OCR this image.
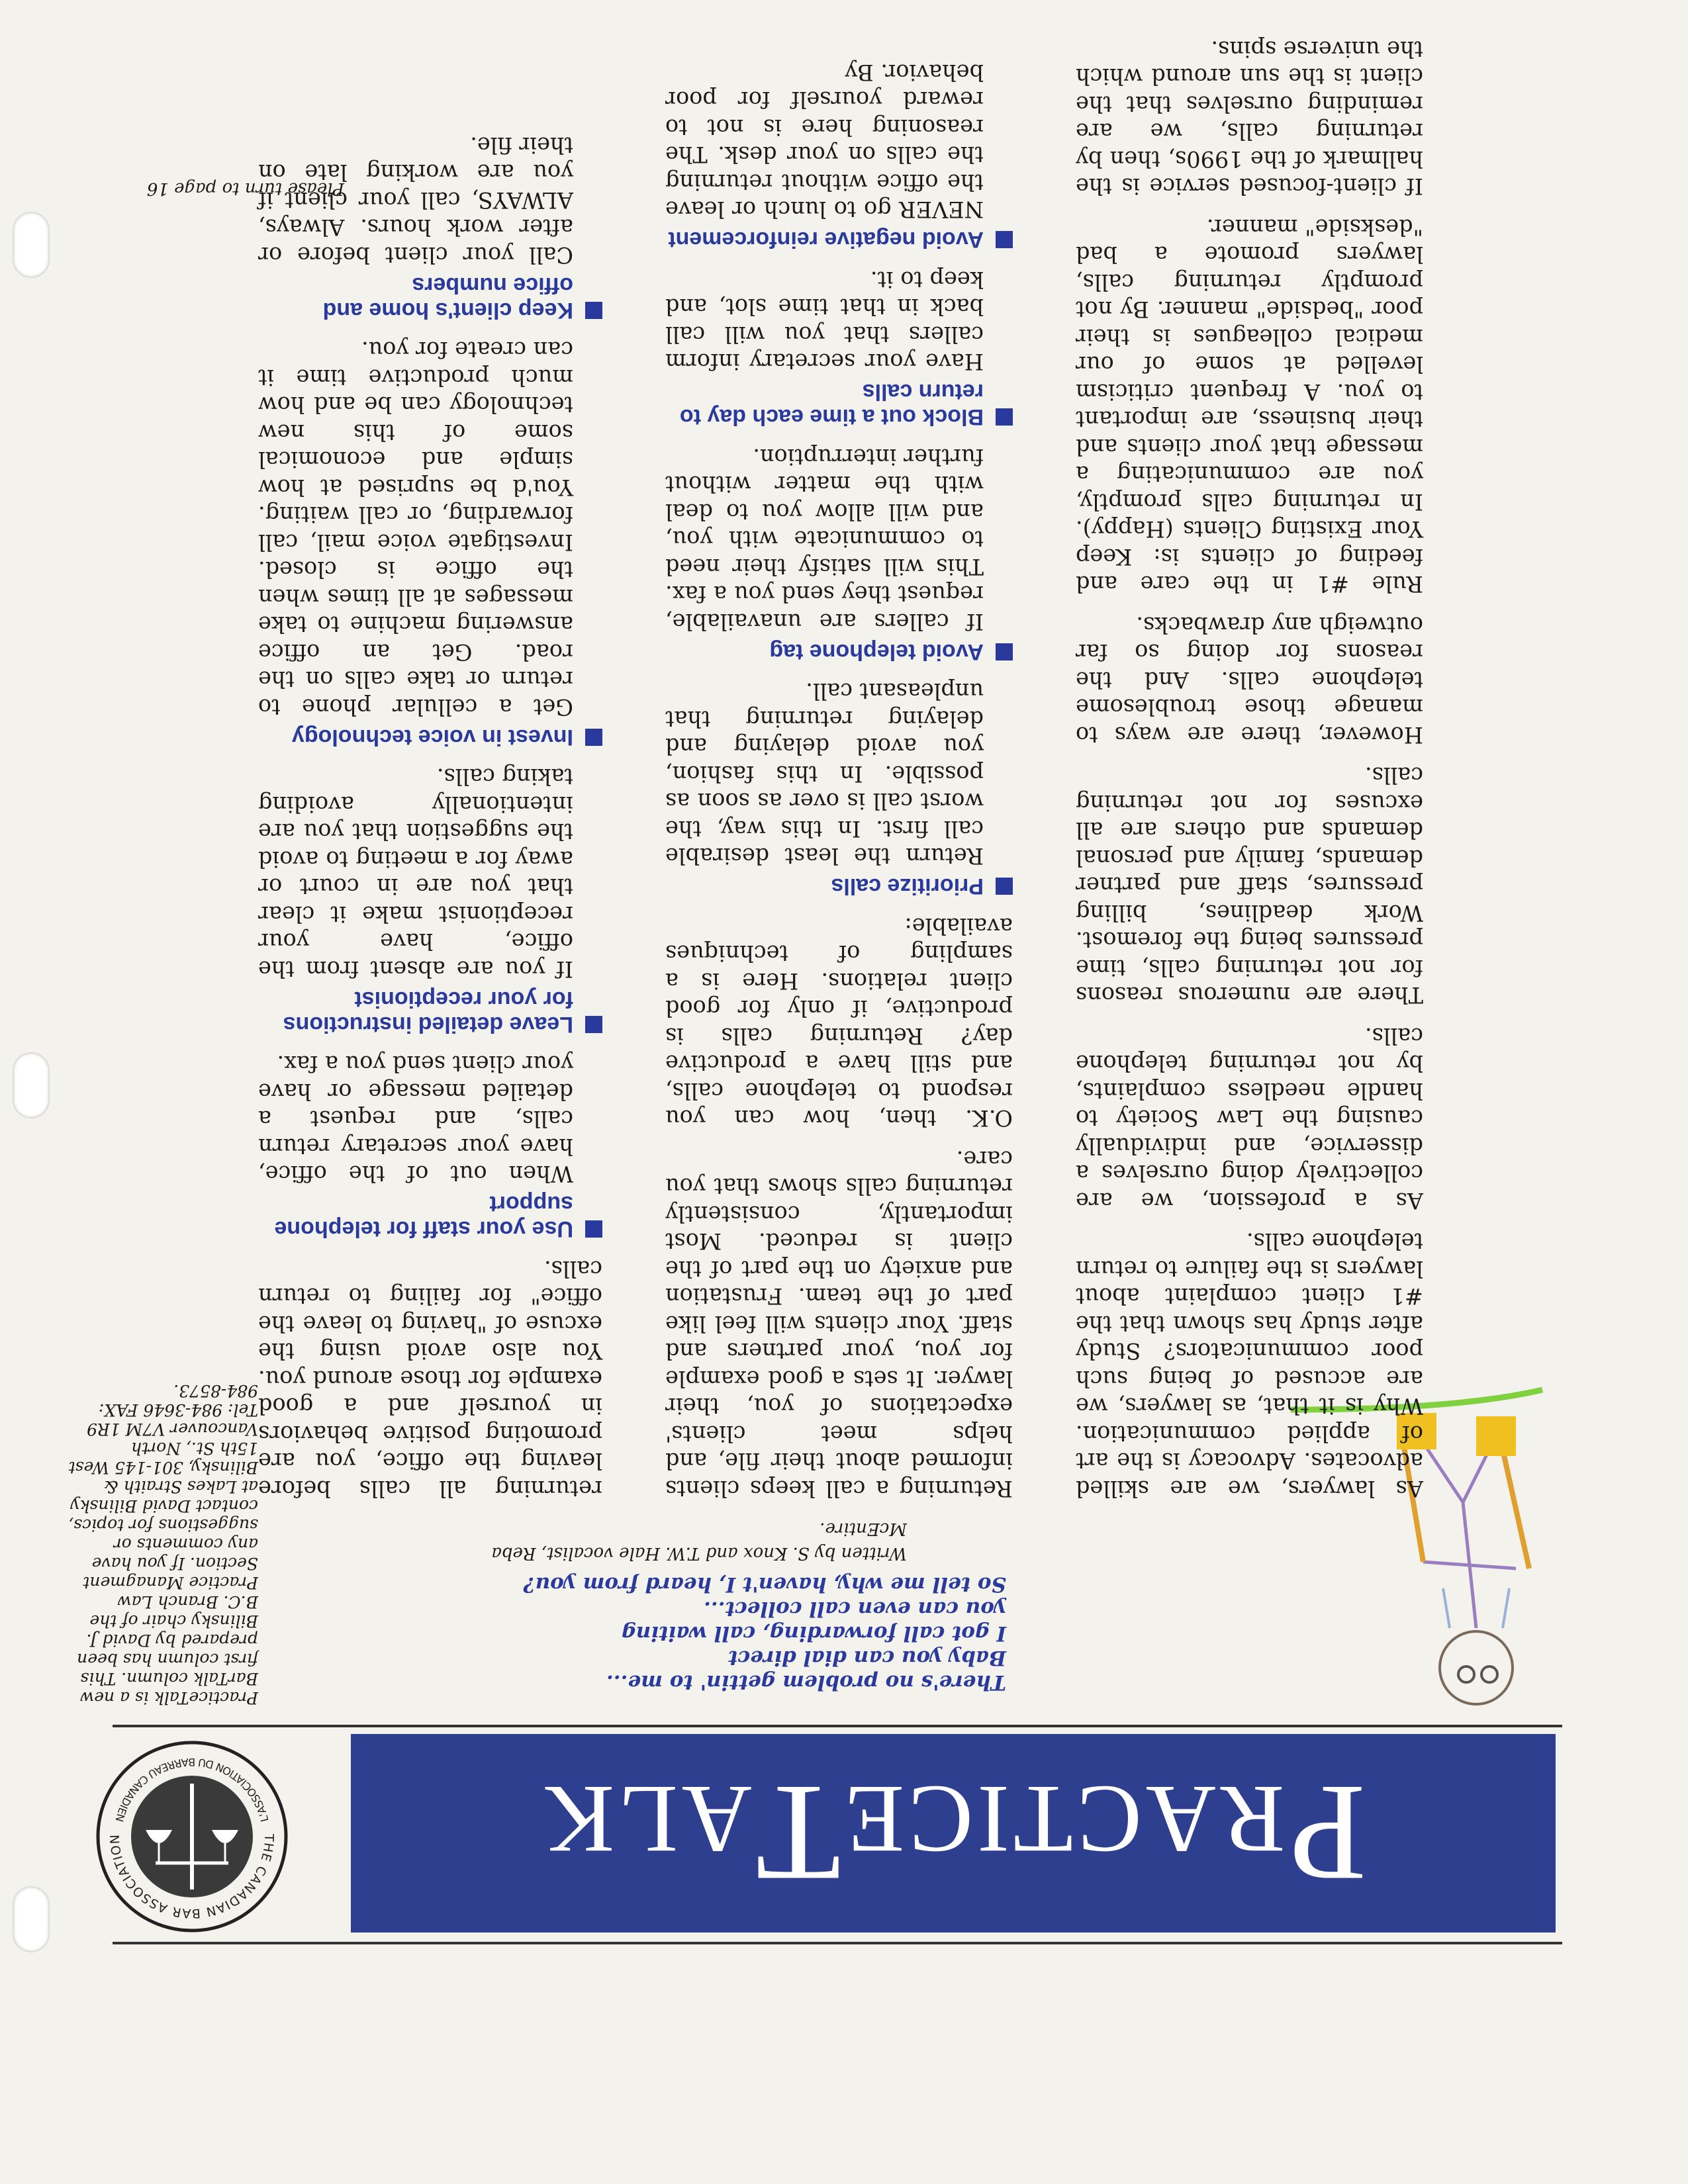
PracticeTalk
THE CANADIAN BAR ASSOCIATION
L'ASSOCIATION DU BARREAU CANADIEN
PracticeTalk is a new BarTalk column. This first column has been prepared by David J. Bilinsky chair of the B.C. Branch Law Practice Managment Section. If you have any comments or suggestions for topics, contact David Bilinsky at Lakes Straith & Bilinsky, 301-145 West 15th St., North Vancouver V7M 1R9 Tel: 984-3646 FAX: 984-8573.
There's no problem gettin' to me...
Baby you can dial direct
I got call forwarding, call waiting
you can even call collect...
So tell me why, haven't I, heard from you?
Written by S. Knox and T.W. Hale vocalist, Reba McEntire.

As lawyers, we are skilled advocates. Advocacy is the art of applied communication. Why is it that, as lawyers, we are accused of being such poor communicators? Study after study has shown that the #1 client complaint about lawyers is the failure to return telephone calls.

As a profession, we are collectively doing ourselves a disservice, and individually causing the Law Society to handle needless complaints, by not returning telephone calls.

There are numerous reasons for not returning calls, time pressures being the foremost. Work deadlines, billing pressures, staff and partner demands, family and personal demands and others are all excuses for not returning calls.

However, there are ways to manage those troublesome telephone calls. And the reasons for doing so far outweigh any drawbacks.

Rule #1 in the care and feeding of clients is: Keep Your Existing Clients (Happy). In returning calls promptly, you are communicating a message that your clients and their business, are important to you. A frequent criticism levelled at some of our medical colleagues is their poor "bedside" manner. By not promptly returning calls, lawyers promote a bad "deskside" manner.

If client-focused service is the hallmark of the 1990s, then by returning calls, we are reminding ourselves that the client is the sun around which the universe spins.

Returning a call keeps clients informed about their file, and helps meet clients' expectations of you, their lawyer. It sets a good example for you, your partners and staff. Your clients will feel like part of the team. Frustation and anxiety on the part of the client is reduced. Most importantly, consistently returning calls shows that you care.

O.K. then, how can you respond to telephone calls, and still have a productive day? Returning calls is productive, if only for good client relations. Here is a sampling of techniques available:

Prioritize calls

Return the least desirable call first. In this way, the worst call is over as soon as possible. In this fashion, you avoid delaying and delaying returning that unpleasant call.

Avoid telephone tag

If callers are unavailable, request they send you a fax. This will satisfy their need to communicate with you, and will allow you to deal with the matter without further interruption.

Block out a time each day to return calls

Have your secretary inform callers that you will call back in that time slot, and keep to it.

Avoid negative reinforcement

NEVER go to lunch or leave the office without returning the calls on your desk. The reasoning here is not to reward yourself for poor behavior. By

returning all calls before leaving the office, you are promoting positive behaviors in yourself and a good example for those around you. You also avoid using the excuse of "having to leave the office" for failing to return calls.

Use your staff for telephone support

When out of the office, have your secretary return calls, and request a detailed message or have your client send you a fax.

Leave detailed instructions for your receptionist

If you are absent from the office, have your receptionist make it clear that you are in court or away for a meeting to avoid the suggestion that you are intentionally avoiding taking calls.

Invest in voice technology

Get a cellular phone to return or take calls on the road. Get an office answering machine to take messages at all times when the office is closed. Investigate voice mail, call forwarding, or call waiting. You'd be suprised at how simple and economical some of this new technology can be and how much productive time it can create for you.

Keep client's home and office numbers

Call your client before or after work hours. Always, ALWAYS, call your client if you are working late on their file.

Please turn to page 16
